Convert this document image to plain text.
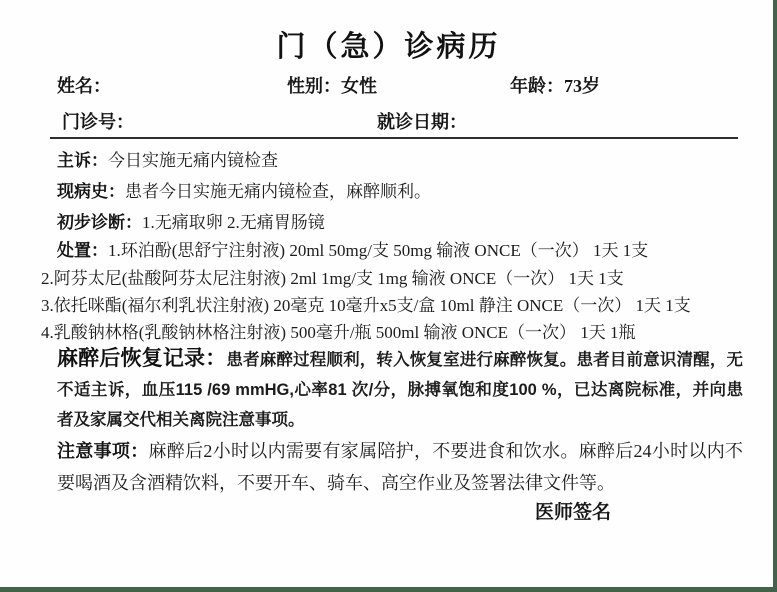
门（急）诊病历
姓名：	性别：女性	年龄：73岁
门诊号：	就诊日期：
主诉：今日实施无痛内镜检查
现病史：患者今日实施无痛内镜检查，麻醉顺利。
初步诊断：1.无痛取卵 2.无痛胃肠镜
处置：1.环泊酚(思舒宁注射液) 20ml 50mg/支 50mg 输液 ONCE（一次） 1天 1支
2.阿芬太尼(盐酸阿芬太尼注射液) 2ml 1mg/支 1mg 输液 ONCE（一次） 1天 1支
3.依托咪酯(福尔利乳状注射液) 20毫克 10毫升x5支/盒 10ml 静注 ONCE（一次） 1天 1支
4.乳酸钠林格(乳酸钠林格注射液) 500毫升/瓶 500ml 输液 ONCE（一次） 1天 1瓶
麻醉后恢复记录：患者麻醉过程顺利，转入恢复室进行麻醉恢复。患者目前意识清醒，无不适主诉，血压115 /69 mmHG,心率81 次/分，脉搏氧饱和度100 %，已达离院标准，并向患者及家属交代相关离院注意事项。
注意事项：麻醉后2小时以内需要有家属陪护，不要进食和饮水。麻醉后24小时以内不要喝酒及含酒精饮料，不要开车、骑车、高空作业及签署法律文件等。
医师签名
